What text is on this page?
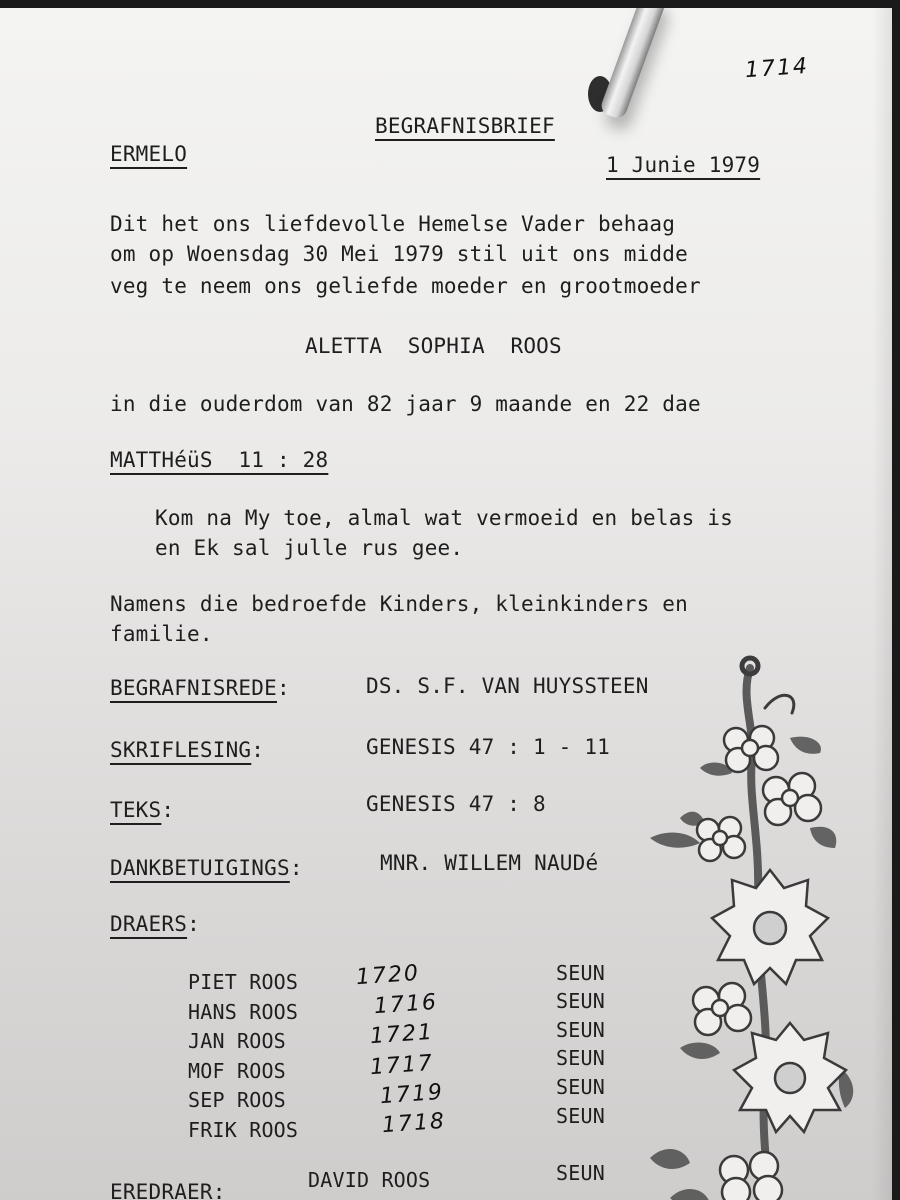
1714
BEGRAFNISBRIEF
ERMELO	1 Junie 1979
Dit het ons liefdevolle Hemelse Vader behaag
om op Woensdag 30 Mei 1979 stil uit ons midde
veg te neem ons geliefde moeder en grootmoeder
ALETTA  SOPHIA  ROOS
in die ouderdom van 82 jaar 9 maande en 22 dae
MATTHéüS  11 : 28
Kom na My toe, almal wat vermoeid en belas is
en Ek sal julle rus gee.
Namens die bedroefde Kinders, kleinkinders en
familie.
BEGRAFNISREDE:	DS. S.F. VAN HUYSSTEEN
SKRIFLESING:	GENESIS 47 : 1 - 11
TEKS:	GENESIS 47 : 8
DANKBETUIGINGS:	MNR. WILLEM NAUDé
DRAERS:
PIET ROOS	1720	SEUN
HANS ROOS	1716	SEUN
JAN ROOS	1721	SEUN
MOF ROOS	1717	SEUN
SEP ROOS	1719	SEUN
FRIK ROOS	1718	SEUN
EREDRAER:	DAVID ROOS	SEUN
